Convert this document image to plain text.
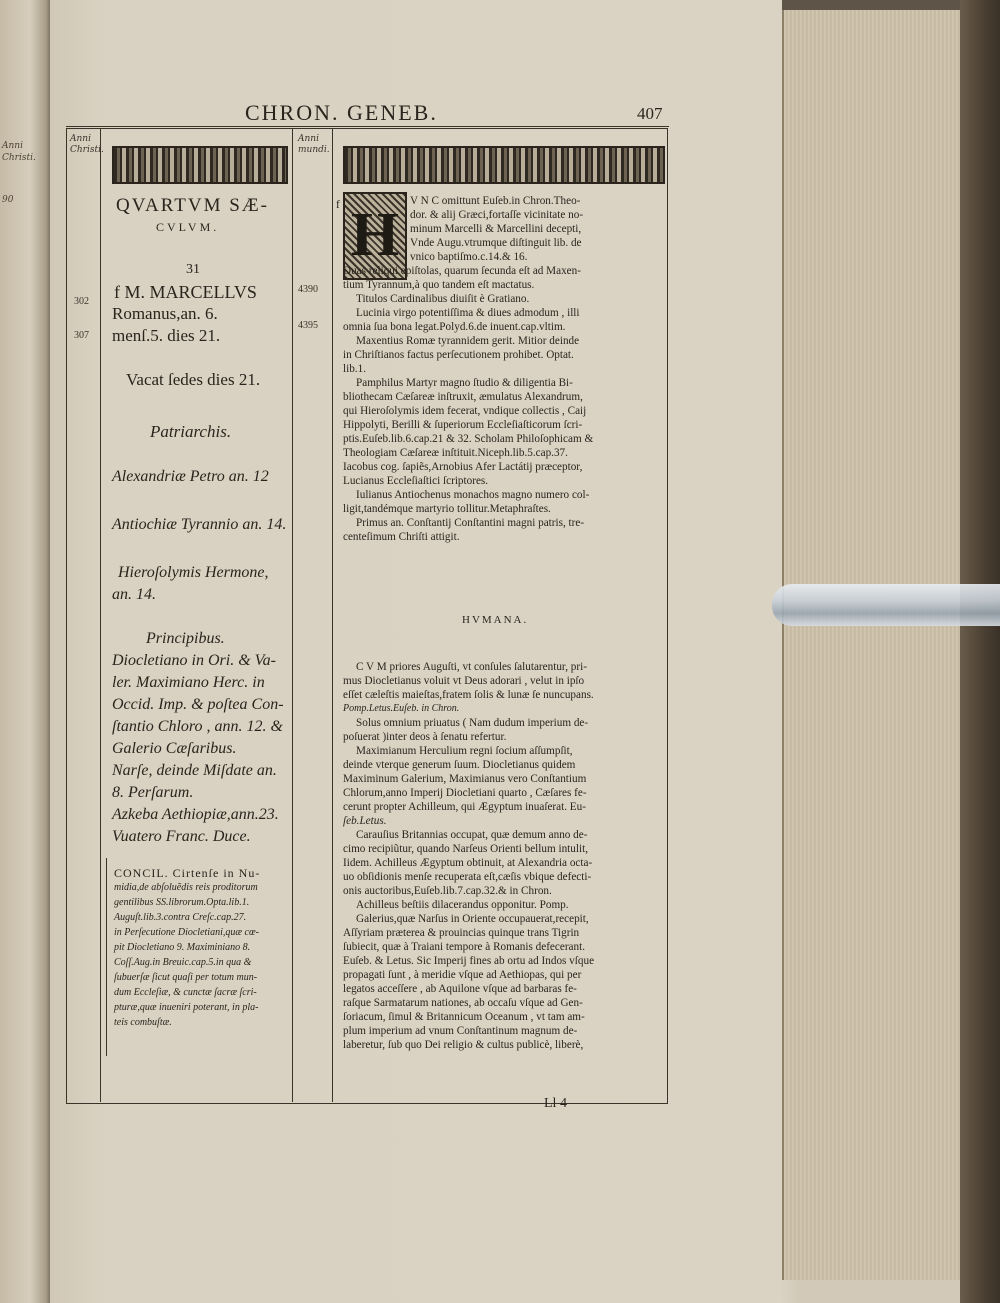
Anni
Christi.
90
CHRON. GENEB.	407
Anni
Christi.
Anni
mundi.
QVARTVM SÆ-
CVLVM.
31
f M. MARCELLVS
Romanus,an. 6.
menſ.5. dies 21.
Vacat ſedes dies 21.
Patriarchis.
Alexandriæ Petro an. 12
Antiochiæ Tyrannio an. 14.
Hieroſolymis Hermone,
an. 14.
Principibus.
Diocletiano in Ori. & Va-
ler. Maximiano Herc. in
Occid. Imp. & poſtea Con-
ſtantio Chloro , ann. 12. &
Galerio Cæſaribus.
Narſe, deinde Miſdate an.
8. Perſarum.
Azkeba Aethiopiæ,ann.23.
Vuatero Franc. Duce.
CONCIL. Cirtenſe in Nu-
midia,de abſoluẽdis reis proditorum
gentilibus SS.librorum.Opta.lib.1.
Auguſt.lib.3.contra Creſc.cap.27.
in Perſecutione Diocletiani,quæ cœ-
pit Diocletiano 9. Maximiniano 8.
Coſſ.Aug.in Breuic.cap.5.in qua &
ſubuerſæ ſicut quaſi per totum mun-
dum Eccleſiæ, & cunctæ ſacræ ſcri-
pturæ,quæ inueniri poterant, in pla-
teis combuſtæ.
302
307
4390
4395
f H V N C omittunt Euſeb.in Chron.Theo-
dor. & alij Græci,fortaſſe vicinitate no-
minum Marcelli & Marcellini decepti,
Vnde Augu.vtrumque diſtinguit lib. de
vnico baptiſmo.c.14.& 16.
Duas reliqui epiſtolas, quarum ſecunda eſt ad Maxen-
tium Tyrannum,à quo tandem eſt mactatus.
Titulos Cardinalibus diuiſit è Gratiano.
Lucinia virgo potentiſſima & diues admodum , illi
omnia ſua bona legat.Polyd.6.de inuent.cap.vltim.
Maxentius Romæ tyrannidem gerit. Mitior deinde
in Chriſtianos factus perſecutionem prohibet. Optat.
lib.1.
Pamphilus Martyr magno ſtudio & diligentia Bi-
bliothecam Cæſareæ inſtruxit, æmulatus Alexandrum,
qui Hieroſolymis idem fecerat, vndique collectis , Caij
Hippolyti, Berilli & ſuperiorum Eccleſiaſticorum ſcri-
ptis.Euſeb.lib.6.cap.21 & 32. Scholam Philoſophicam &
Theologiam Cæſareæ inſtituit.Niceph.lib.5.cap.37.
Iacobus cog. ſapiẽs,Arnobius Afer Lactátij præceptor,
Lucianus Eccleſiaſtici ſcriptores.
Iulianus Antiochenus monachos magno numero col-
ligit,tandémque martyrio tollitur.Metaphraſtes.
Primus an. Conſtantij Conſtantini magni patris, tre-
centeſimum Chriſti attigit.
HVMANA.
C V M priores Auguſti, vt conſules ſalutarentur, pri-
mus Diocletianus voluit vt Deus adorari , velut in ipſo
eſſet cæleſtis maieſtas,fratem ſolis & lunæ ſe nuncupans.
Pomp.Letus.Euſeb. in Chron.
Solus omnium priuatus ( Nam dudum imperium de-
poſuerat )inter deos à ſenatu refertur.
Maximianum Herculium regni ſocium aſſumpſit,
deinde vterque generum ſuum. Diocletianus quidem
Maximinum Galerium, Maximianus vero Conſtantium
Chlorum,anno Imperij Diocletiani quarto , Cæſares fe-
cerunt propter Achilleum, qui Ægyptum inuaſerat. Eu-
ſeb.Letus.
Carauſius Britannias occupat, quæ demum anno de-
cimo recipiũtur, quando Narſeus Orienti bellum intulit,
Iidem. Achilleus Ægyptum obtinuit, at Alexandria octa-
uo obſidionis menſe recuperata eſt,cæſis vbique defecti-
onis auctoribus,Euſeb.lib.7.cap.32.& in Chron.
Achilleus beſtiis dilacerandus opponitur. Pomp.
Galerius,quæ Narſus in Oriente occupauerat,recepit,
Aſſyriam præterea & prouincias quinque trans Tigrin
ſubiecit, quæ à Traiani tempore à Romanis defecerant.
Euſeb. & Letus. Sic Imperij fines ab ortu ad Indos vſque
propagati ſunt , à meridie vſque ad Aethiopas, qui per
legatos acceſſere , ab Aquilone vſque ad barbaras fe-
raſque Sarmatarum nationes, ab occaſu vſque ad Gen-
ſoriacum, ſimul & Britannicum Oceanum , vt tam am-
plum imperium ad vnum Conſtantinum magnum de-
laberetur, ſub quo Dei religio & cultus publicè, liberè,
Ll 4
